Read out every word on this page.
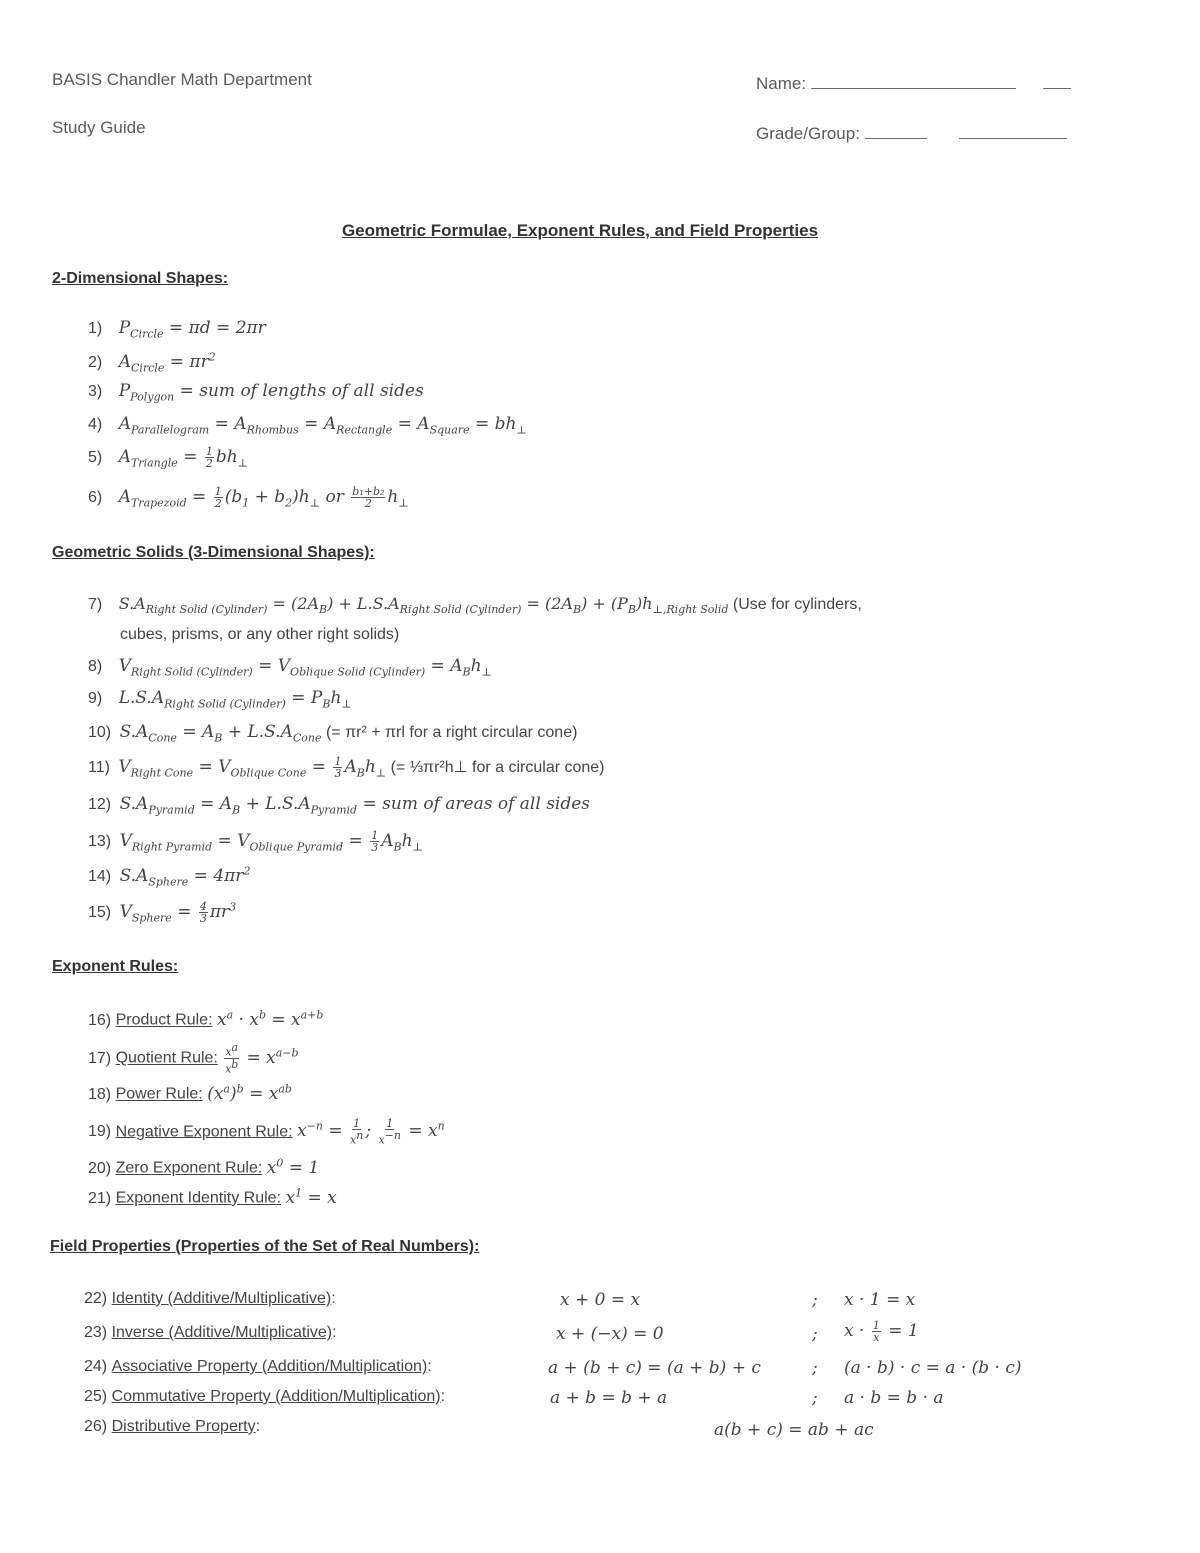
BASIS Chandler Math Department
Study Guide
Name:
Grade/Group:
Geometric Formulae, Exponent Rules, and Field Properties
2-Dimensional Shapes:
1) $P_{Circle} = \pi d = 2\pi r$
2) $A_{Circle} = \pi r^2$
3) $P_{Polygon}$ = sum of lengths of all sides
4) $A_{Parallelogram} = A_{Rhombus} = A_{Rectangle} = A_{Square} = bh_\perp$
5) $A_{Triangle} = \frac{1}{2} bh_\perp$
6) $A_{Trapezoid} = \frac{1}{2} (b_1 + b_2)h_\perp$ or $\frac{\text{b₁+b₂}}{2} h_\perp$
Geometric Solids (3-Dimensional Shapes):
7) $S.A_{Right Solid (Cylinder)} = (2A_B) + L.S.A_{Right Solid (Cylinder)} = (2A_B) + (P_B)h_{\perp,Right Solid}$ (Use for cylinders,
cubes, prisms, or any other right solids)
8) $V_{Right Solid (Cylinder)} = V_{Oblique Solid (Cylinder)} = A_Bh_\perp$
9) $L.S.A_{Right Solid (Cylinder)} = P_Bh_\perp$
10) $S.A_{Cone} = A_B + L.S.A_{Cone}$ (= πr² + πrl for a right circular cone)
11) $V_{Right Cone} = V_{Oblique Cone} = \frac{1}{3} A_Bh_\perp$ (= ⅓πr²h⊥ for a circular cone)
12) $S.A_{Pyramid} = A_B + L.S.A_{Pyramid}$ = sum of areas of all sides
13) $V_{Right Pyramid} = V_{Oblique Pyramid} = \frac{1}{3} A_Bh_\perp$
14) $S.A_{Sphere} = 4\pi r^2$
15) $V_{Sphere} = \frac{4}{3} \pi r^3$
Exponent Rules:
16) Product Rule: $x^a \cdot x^b = x^{a+b}$
17) Quotient Rule: $\frac{x^a}{x^b} = x^{a-b}$
18) Power Rule: $(x^a)^b = x^{ab}$
19) Negative Exponent Rule: $x^{-n} = \frac{1}{x^n}$ ; $\frac{1}{x^{-n}} = x^n$
20) Zero Exponent Rule: $x^0 = 1$
21) Exponent Identity Rule: $x^1 = x$
Field Properties (Properties of the Set of Real Numbers):
22) Identity (Additive/Multiplicative):	x + 0 = x	; x · 1 = x
23) Inverse (Additive/Multiplicative):	x + (−x) = 0	; $x \cdot \frac{1}{x} = 1$
24) Associative Property (Addition/Multiplication):	a + (b + c) = (a + b) + c	; (a · b) · c = a · (b · c)
25) Commutative Property (Addition/Multiplication):	a + b = b + a	; a · b = b · a
26) Distributive Property:	a(b + c) = ab + ac
